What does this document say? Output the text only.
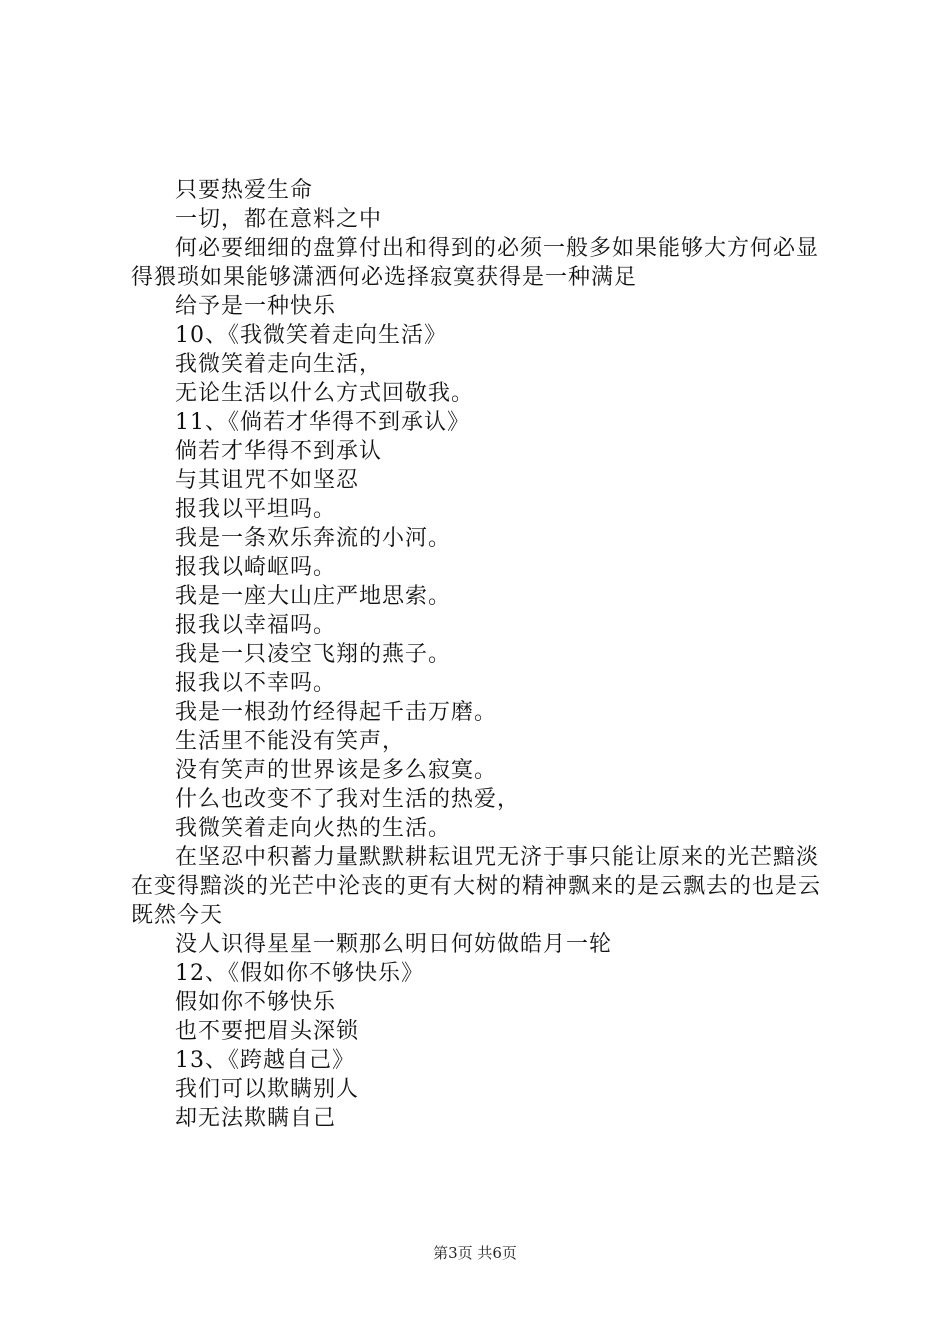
只要热爱生命

一切，都在意料之中

何必要细细的盘算付出和得到的必须一般多如果能够大方何必显得猥琐如果能够潇洒何必选择寂寞获得是一种满足

给予是一种快乐

10、《我微笑着走向生活》

我微笑着走向生活，

无论生活以什么方式回敬我。

11、《倘若才华得不到承认》

倘若才华得不到承认

与其诅咒不如坚忍

报我以平坦吗。

我是一条欢乐奔流的小河。

报我以崎岖吗。

我是一座大山庄严地思索。

报我以幸福吗。

我是一只凌空飞翔的燕子。

报我以不幸吗。

我是一根劲竹经得起千击万磨。

生活里不能没有笑声，

没有笑声的世界该是多么寂寞。

什么也改变不了我对生活的热爱，

我微笑着走向火热的生活。

在坚忍中积蓄力量默默耕耘诅咒无济于事只能让原来的光芒黯淡在变得黯淡的光芒中沦丧的更有大树的精神飘来的是云飘去的也是云既然今天

没人识得星星一颗那么明日何妨做皓月一轮

12、《假如你不够快乐》

假如你不够快乐

也不要把眉头深锁

13、《跨越自己》

我们可以欺瞒别人

却无法欺瞒自己

第3页 共6页
